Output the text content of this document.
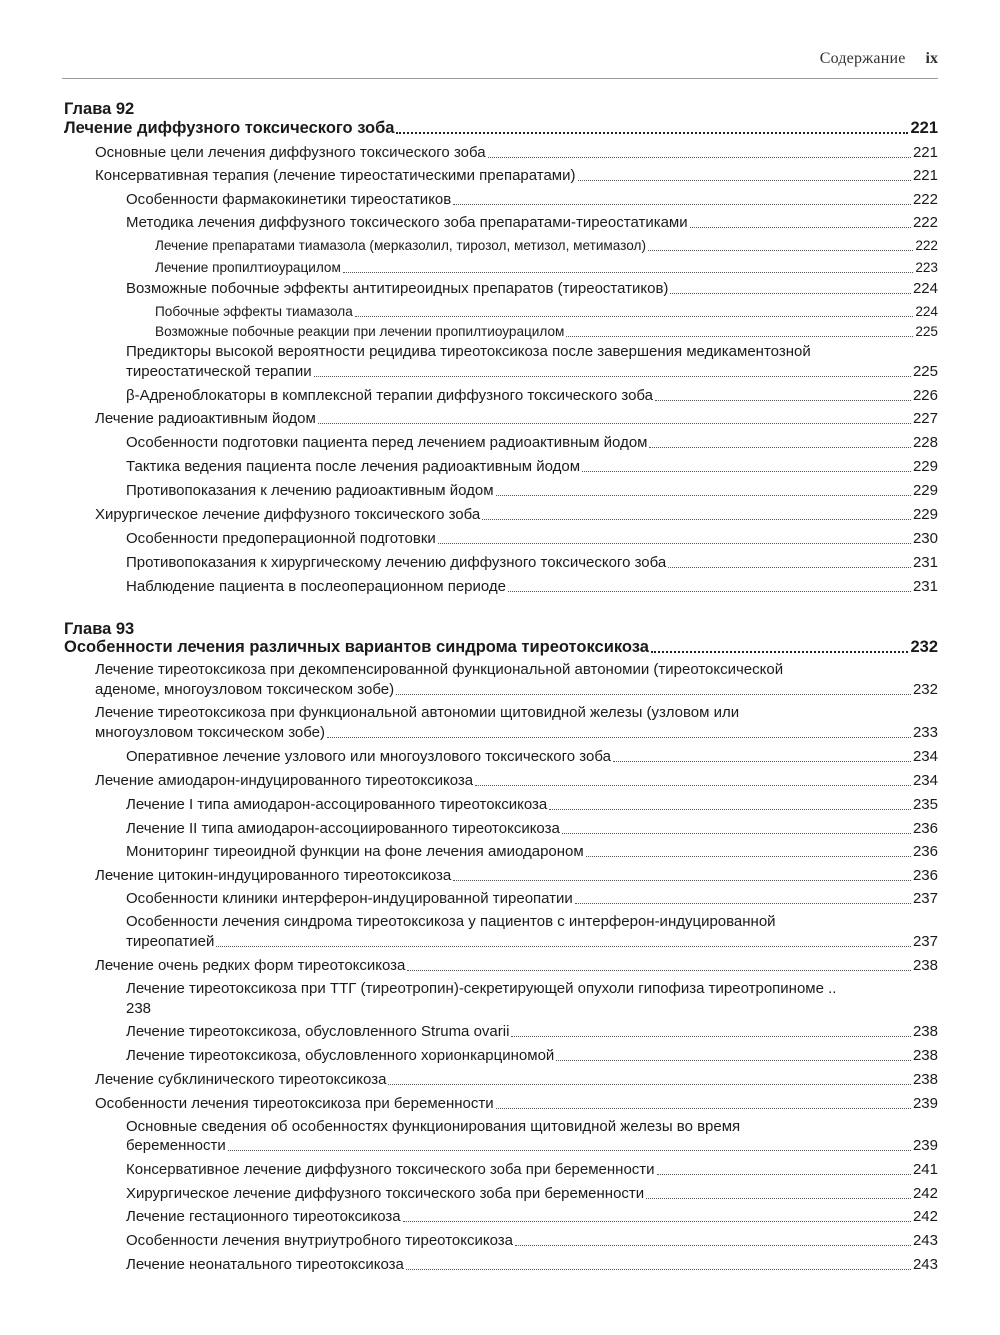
Содержание ix
Глава 92
Лечение диффузного токсического зоба	221
Основные цели лечения диффузного токсического зоба	221
Консервативная терапия (лечение тиреостатическими препаратами)	221
Особенности фармакокинетики тиреостатиков	222
Методика лечения диффузного токсического зоба препаратами-тиреостатиками	222
Лечение препаратами тиамазола (мерказолил, тирозол, метизол, метимазол)	222
Лечение пропилтиоурацилом	223
Возможные побочные эффекты антитиреоидных препаратов (тиреостатиков)	224
Побочные эффекты тиамазола	224
Возможные побочные реакции при лечении пропилтиоурацилом	225
Предикторы высокой вероятности рецидива тиреотоксикоза после завершения медикаментозной
тиреостатической терапии	225
β-Адреноблокаторы в комплексной терапии диффузного токсического зоба	226
Лечение радиоактивным йодом	227
Особенности подготовки пациента перед лечением радиоактивным йодом	228
Тактика ведения пациента после лечения радиоактивным йодом	229
Противопоказания к лечению радиоактивным йодом	229
Хирургическое лечение диффузного токсического зоба	229
Особенности предоперационной подготовки	230
Противопоказания к хирургическому лечению диффузного токсического зоба	231
Наблюдение пациента в послеоперационном периоде	231
Глава 93
Особенности лечения различных вариантов синдрома тиреотоксикоза	232
Лечение тиреотоксикоза при декомпенсированной функциональной автономии (тиреотоксической
аденоме, многоузловом токсическом зобе)	232
Лечение тиреотоксикоза при функциональной автономии щитовидной железы (узловом или
многоузловом токсическом зобе)	233
Оперативное лечение узлового или многоузлового токсического зоба	234
Лечение амиодарон-индуцированного тиреотоксикоза	234
Лечение I типа амиодарон-ассоцированного тиреотоксикоза	235
Лечение II типа амиодарон-ассоциированного тиреотоксикоза	236
Мониторинг тиреоидной функции на фоне лечения амиодароном	236
Лечение цитокин-индуцированного тиреотоксикоза	236
Особенности клиники интерферон-индуцированной тиреопатии	237
Особенности лечения синдрома тиреотоксикоза у пациентов с интерферон-индуцированной
тиреопатией	237
Лечение очень редких форм тиреотоксикоза	238
Лечение тиреотоксикоза при ТТГ (тиреотропин)-секретирующей опухоли гипофиза тиреотропиноме ..
238
Лечение тиреотоксикоза, обусловленного Struma ovarii	238
Лечение тиреотоксикоза, обусловленного хорионкарциномой	238
Лечение субклинического тиреотоксикоза	238
Особенности лечения тиреотоксикоза при беременности	239
Основные сведения об особенностях функционирования щитовидной железы во время
беременности	239
Консервативное лечение диффузного токсического зоба при беременности	241
Хирургическое лечение диффузного токсического зоба при беременности	242
Лечение гестационного тиреотоксикоза	242
Особенности лечения внутриутробного тиреотоксикоза	243
Лечение неонатального тиреотоксикоза	243
